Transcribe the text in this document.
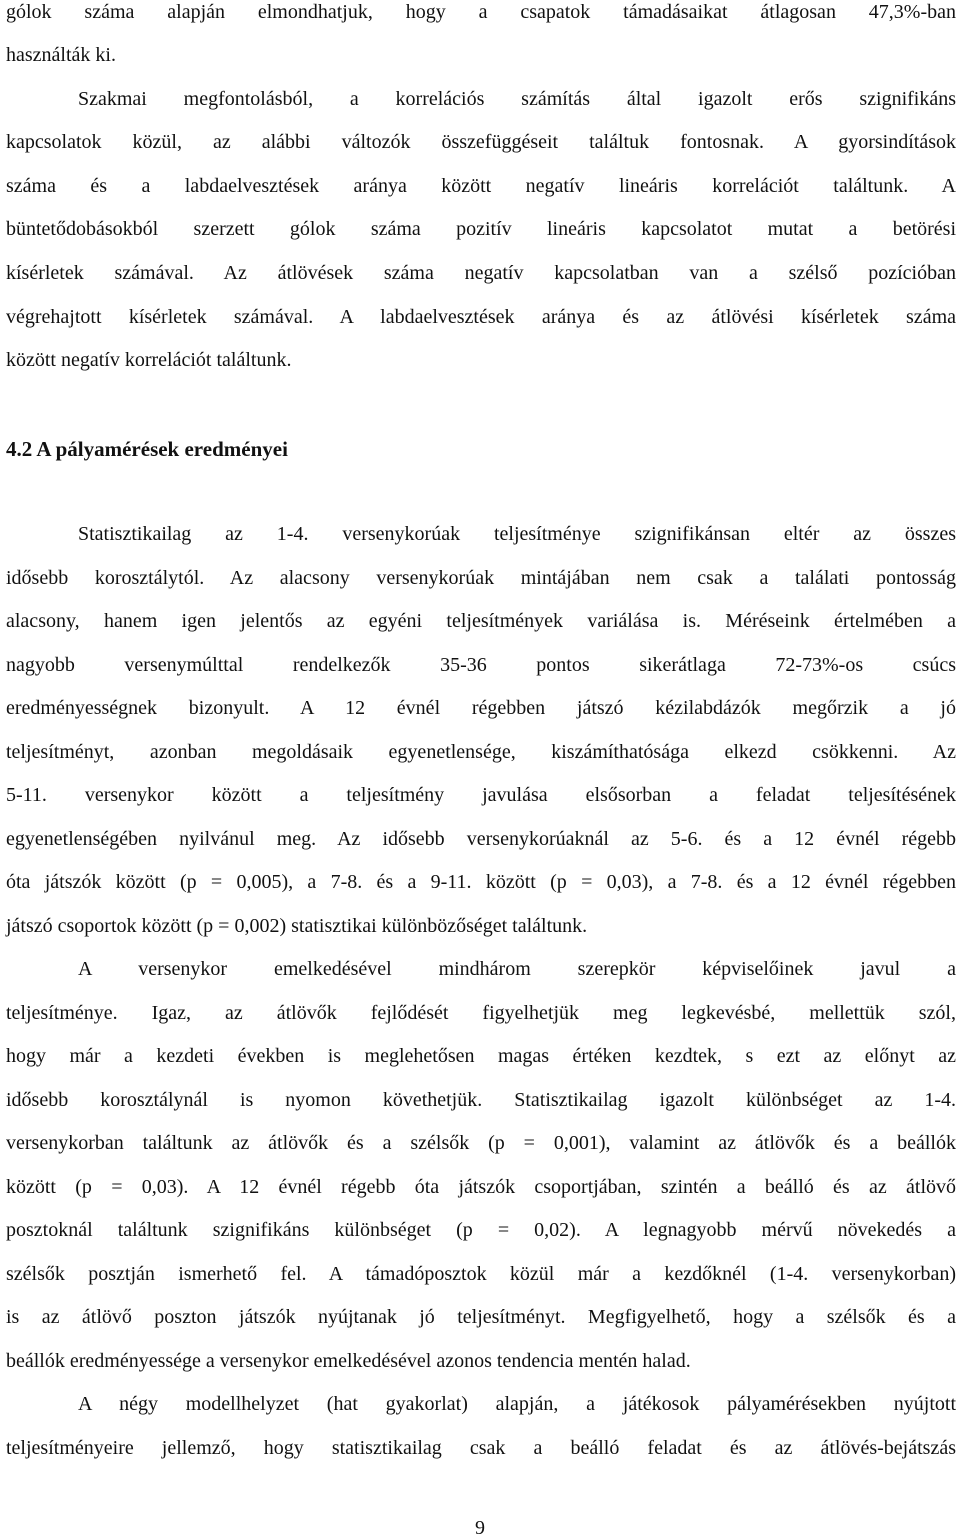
gólok száma alapján elmondhatjuk, hogy a csapatok támadásaikat átlagosan 47,3%-ban
használták ki.
Szakmai megfontolásból, a korrelációs számítás által igazolt erős szignifikáns
kapcsolatok közül, az alábbi változók összefüggéseit találtuk fontosnak. A gyorsindítások
száma és a labdaelvesztések aránya között negatív lineáris korrelációt találtunk. A
büntetődobásokból szerzett gólok száma pozitív lineáris kapcsolatot mutat a betörési
kísérletek számával. Az átlövések száma negatív kapcsolatban van a szélső pozícióban
végrehajtott kísérletek számával. A labdaelvesztések aránya és az átlövési kísérletek száma
között negatív korrelációt találtunk.
4.2 A pályamérések eredményei
Statisztikailag az 1-4. versenykorúak teljesítménye szignifikánsan eltér az összes
idősebb korosztálytól. Az alacsony versenykorúak mintájában nem csak a találati pontosság
alacsony, hanem igen jelentős az egyéni teljesítmények variálása is. Méréseink értelmében a
nagyobb versenymúlttal rendelkezők 35-36 pontos sikerátlaga 72-73%-os csúcs
eredményességnek bizonyult. A 12 évnél régebben játszó kézilabdázók megőrzik a jó
teljesítményt, azonban megoldásaik egyenetlensége, kiszámíthatósága elkezd csökkenni. Az
5-11. versenykor között a teljesítmény javulása elsősorban a feladat teljesítésének
egyenetlenségében nyilvánul meg. Az idősebb versenykorúaknál az 5-6. és a 12 évnél régebb
óta játszók között (p = 0,005), a 7-8. és a 9-11. között (p = 0,03), a 7-8. és a 12 évnél régebben
játszó csoportok között (p = 0,002) statisztikai különbözőséget találtunk.
A versenykor emelkedésével mindhárom szerepkör képviselőinek javul a
teljesítménye. Igaz, az átlövők fejlődését figyelhetjük meg legkevésbé, mellettük szól,
hogy már a kezdeti években is meglehetősen magas értéken kezdtek, s ezt az előnyt az
idősebb korosztálynál is nyomon követhetjük. Statisztikailag igazolt különbséget az 1-4.
versenykorban találtunk az átlövők és a szélsők (p = 0,001), valamint az átlövők és a beállók
között (p = 0,03). A 12 évnél régebb óta játszók csoportjában, szintén a beálló és az átlövő
posztoknál találtunk szignifikáns különbséget (p = 0,02). A legnagyobb mérvű növekedés a
szélsők posztján ismerhető fel. A támadóposztok közül már a kezdőknél (1-4. versenykorban)
is az átlövő poszton játszók nyújtanak jó teljesítményt. Megfigyelhető, hogy a szélsők és a
beállók eredményessége a versenykor emelkedésével azonos tendencia mentén halad.
A négy modellhelyzet (hat gyakorlat) alapján, a játékosok pályamérésekben nyújtott
teljesítményeire jellemző, hogy statisztikailag csak a beálló feladat és az átlövés-bejátszás
9
